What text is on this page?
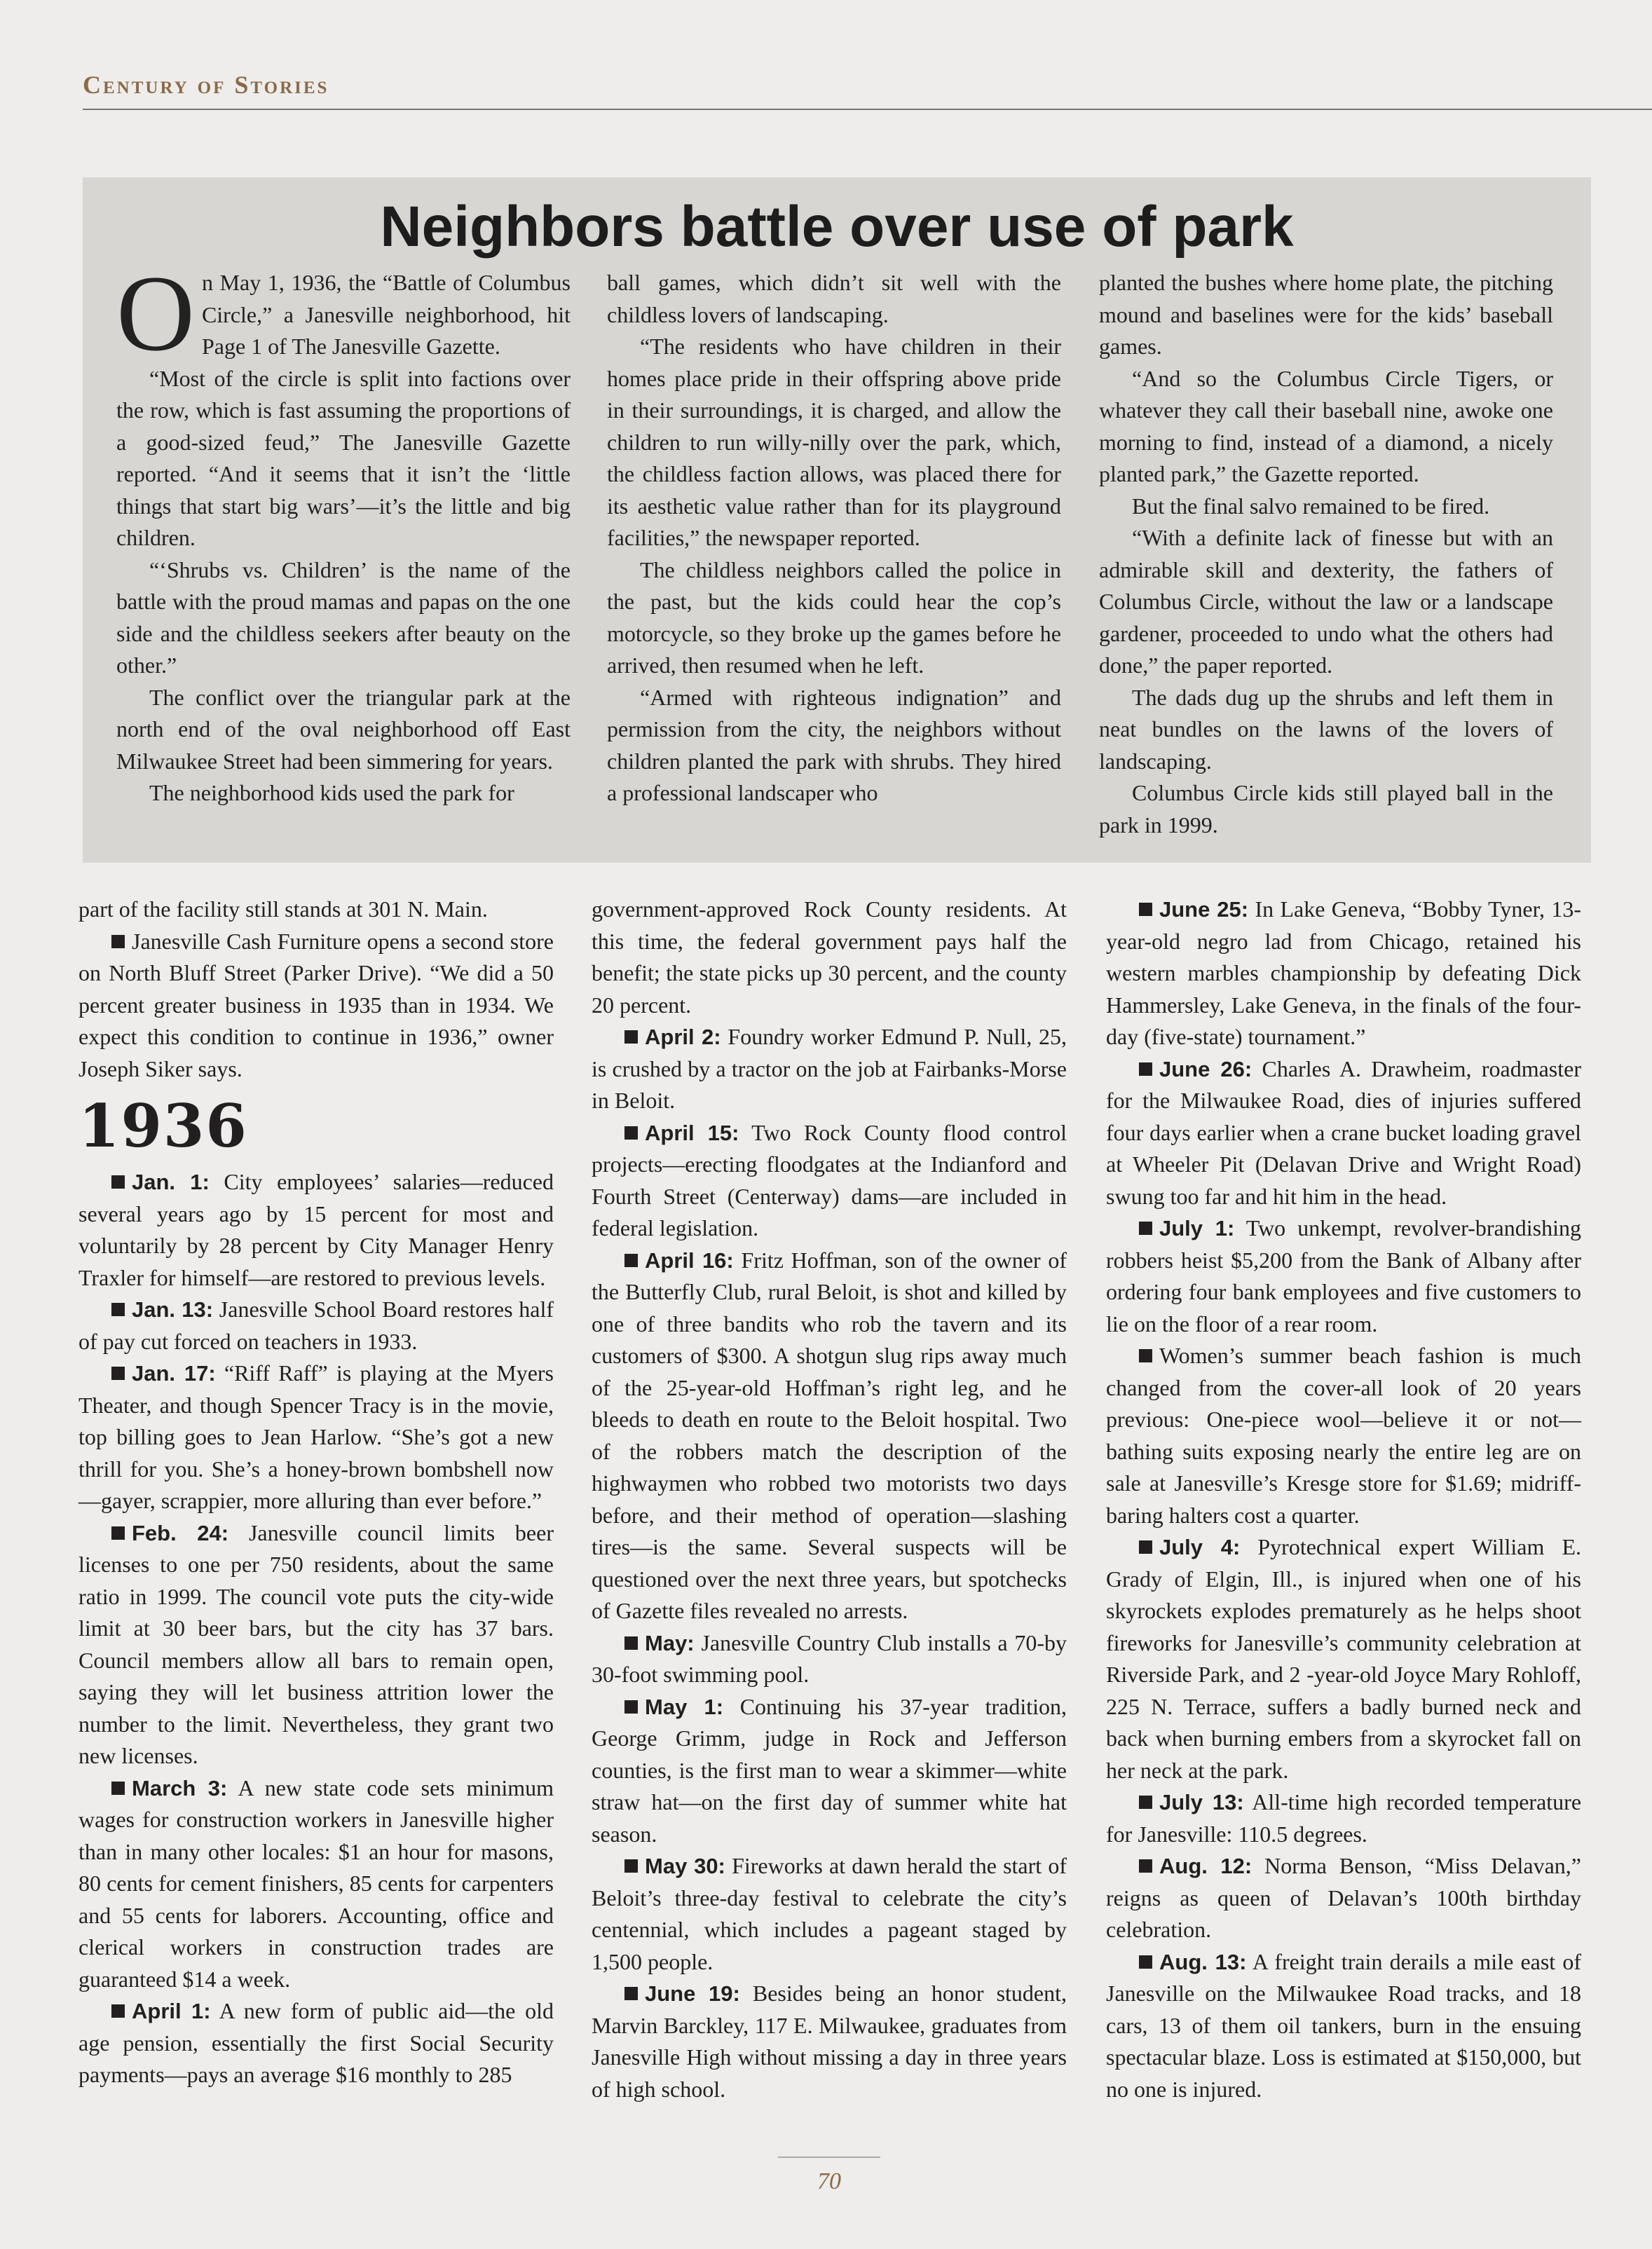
Century of Stories
Neighbors battle over use of park

On May 1, 1936, the “Battle of Columbus Circle,” a Janesville neighborhood, hit Page 1 of The Janesville Gazette.

“Most of the circle is split into factions over the row, which is fast assuming the proportions of a good-sized feud,” The Janesville Gazette reported. “And it seems that it isn’t the ‘little things that start big wars’—it’s the little and big children.

“‘Shrubs vs. Children’ is the name of the battle with the proud mamas and papas on the one side and the childless seekers after beauty on the other.”

The conflict over the triangular park at the north end of the oval neighborhood off East Milwaukee Street had been simmering for years.

The neighborhood kids used the park for

ball games, which didn’t sit well with the childless lovers of landscaping.

“The residents who have children in their homes place pride in their offspring above pride in their surroundings, it is charged, and allow the children to run willy-nilly over the park, which, the childless faction allows, was placed there for its aesthetic value rather than for its playground facilities,” the newspaper reported.

The childless neighbors called the police in the past, but the kids could hear the cop’s motorcycle, so they broke up the games before he arrived, then resumed when he left.

“Armed with righteous indignation” and permission from the city, the neighbors without children planted the park with shrubs. They hired a professional landscaper who

planted the bushes where home plate, the pitching mound and baselines were for the kids’ baseball games.

“And so the Columbus Circle Tigers, or whatever they call their baseball nine, awoke one morning to find, instead of a diamond, a nicely planted park,” the Gazette reported.

But the final salvo remained to be fired.

“With a definite lack of finesse but with an admirable skill and dexterity, the fathers of Columbus Circle, without the law or a landscape gardener, proceeded to undo what the others had done,” the paper reported.

The dads dug up the shrubs and left them in neat bundles on the lawns of the lovers of landscaping.

Columbus Circle kids still played ball in the park in 1999.

part of the facility still stands at 301 N. Main.

Janesville Cash Furniture opens a second store on North Bluff Street (Parker Drive). “We did a 50 percent greater business in 1935 than in 1934. We expect this condition to continue in 1936,” owner Joseph Siker says.

1936

Jan. 1: City employees’ salaries—reduced several years ago by 15 percent for most and voluntarily by 28 percent by City Manager Henry Traxler for himself—are restored to previous levels.

Jan. 13: Janesville School Board restores half of pay cut forced on teachers in 1933.

Jan. 17: “Riff Raff” is playing at the Myers Theater, and though Spencer Tracy is in the movie, top billing goes to Jean Harlow. “She’s got a new thrill for you. She’s a honey-brown bombshell now—gayer, scrappier, more alluring than ever before.”

Feb. 24: Janesville council limits beer licenses to one per 750 residents, about the same ratio in 1999. The council vote puts the city-wide limit at 30 beer bars, but the city has 37 bars. Council members allow all bars to remain open, saying they will let business attrition lower the number to the limit. Nevertheless, they grant two new licenses.

March 3: A new state code sets minimum wages for construction workers in Janesville higher than in many other locales: $1 an hour for masons, 80 cents for cement finishers, 85 cents for carpenters and 55 cents for laborers. Accounting, office and clerical workers in construction trades are guaranteed $14 a week.

April 1: A new form of public aid—the old age pension, essentially the first Social Security payments—pays an average $16 monthly to 285

government-approved Rock County residents. At this time, the federal government pays half the benefit; the state picks up 30 percent, and the county 20 percent.

April 2: Foundry worker Edmund P. Null, 25, is crushed by a tractor on the job at Fairbanks-Morse in Beloit.

April 15: Two Rock County flood control projects—erecting floodgates at the Indianford and Fourth Street (Centerway) dams—are included in federal legislation.

April 16: Fritz Hoffman, son of the owner of the Butterfly Club, rural Beloit, is shot and killed by one of three bandits who rob the tavern and its customers of $300. A shotgun slug rips away much of the 25-year-old Hoffman’s right leg, and he bleeds to death en route to the Beloit hospital. Two of the robbers match the description of the highwaymen who robbed two motorists two days before, and their method of operation—slashing tires—is the same. Several suspects will be questioned over the next three years, but spotchecks of Gazette files revealed no arrests.

May: Janesville Country Club installs a 70-by 30-foot swimming pool.

May 1: Continuing his 37-year tradition, George Grimm, judge in Rock and Jefferson counties, is the first man to wear a skimmer—white straw hat—on the first day of summer white hat season.

May 30: Fireworks at dawn herald the start of Beloit’s three-day festival to celebrate the city’s centennial, which includes a pageant staged by 1,500 people.

June 19: Besides being an honor student, Marvin Barckley, 117 E. Milwaukee, graduates from Janesville High without missing a day in three years of high school.

June 25: In Lake Geneva, “Bobby Tyner, 13-year-old negro lad from Chicago, retained his western marbles championship by defeating Dick Hammersley, Lake Geneva, in the finals of the four-day (five-state) tournament.”

June 26: Charles A. Drawheim, roadmaster for the Milwaukee Road, dies of injuries suffered four days earlier when a crane bucket loading gravel at Wheeler Pit (Delavan Drive and Wright Road) swung too far and hit him in the head.

July 1: Two unkempt, revolver-brandishing robbers heist $5,200 from the Bank of Albany after ordering four bank employees and five customers to lie on the floor of a rear room.

Women’s summer beach fashion is much changed from the cover-all look of 20 years previous: One-piece wool—believe it or not—bathing suits exposing nearly the entire leg are on sale at Janesville’s Kresge store for $1.69; midriff-baring halters cost a quarter.

July 4: Pyrotechnical expert William E. Grady of Elgin, Ill., is injured when one of his skyrockets explodes prematurely as he helps shoot fireworks for Janesville’s community celebration at Riverside Park, and 2 -year-old Joyce Mary Rohloff, 225 N. Terrace, suffers a badly burned neck and back when burning embers from a skyrocket fall on her neck at the park.

July 13: All-time high recorded temperature for Janesville: 110.5 degrees.

Aug. 12: Norma Benson, “Miss Delavan,” reigns as queen of Delavan’s 100th birthday celebration.

Aug. 13: A freight train derails a mile east of Janesville on the Milwaukee Road tracks, and 18 cars, 13 of them oil tankers, burn in the ensuing spectacular blaze. Loss is estimated at $150,000, but no one is injured.

70
